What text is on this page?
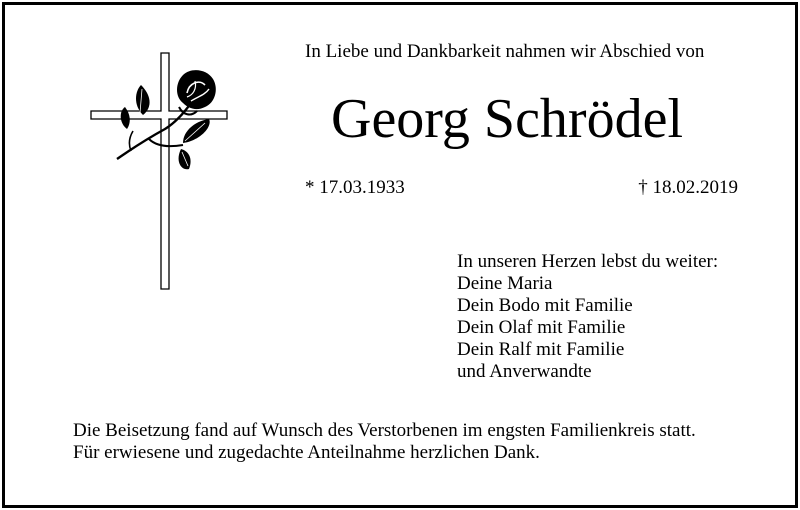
In Liebe und Dankbarkeit nahmen wir Abschied von
Georg Schrödel
* 17.03.1933	† 18.02.2019
In unseren Herzen lebst du weiter:
Deine Maria
Dein Bodo mit Familie
Dein Olaf mit Familie
Dein Ralf mit Familie
und Anverwandte
Die Beisetzung fand auf Wunsch des Verstorbenen im engsten Familienkreis statt.
Für erwiesene und zugedachte Anteilnahme herzlichen Dank.
